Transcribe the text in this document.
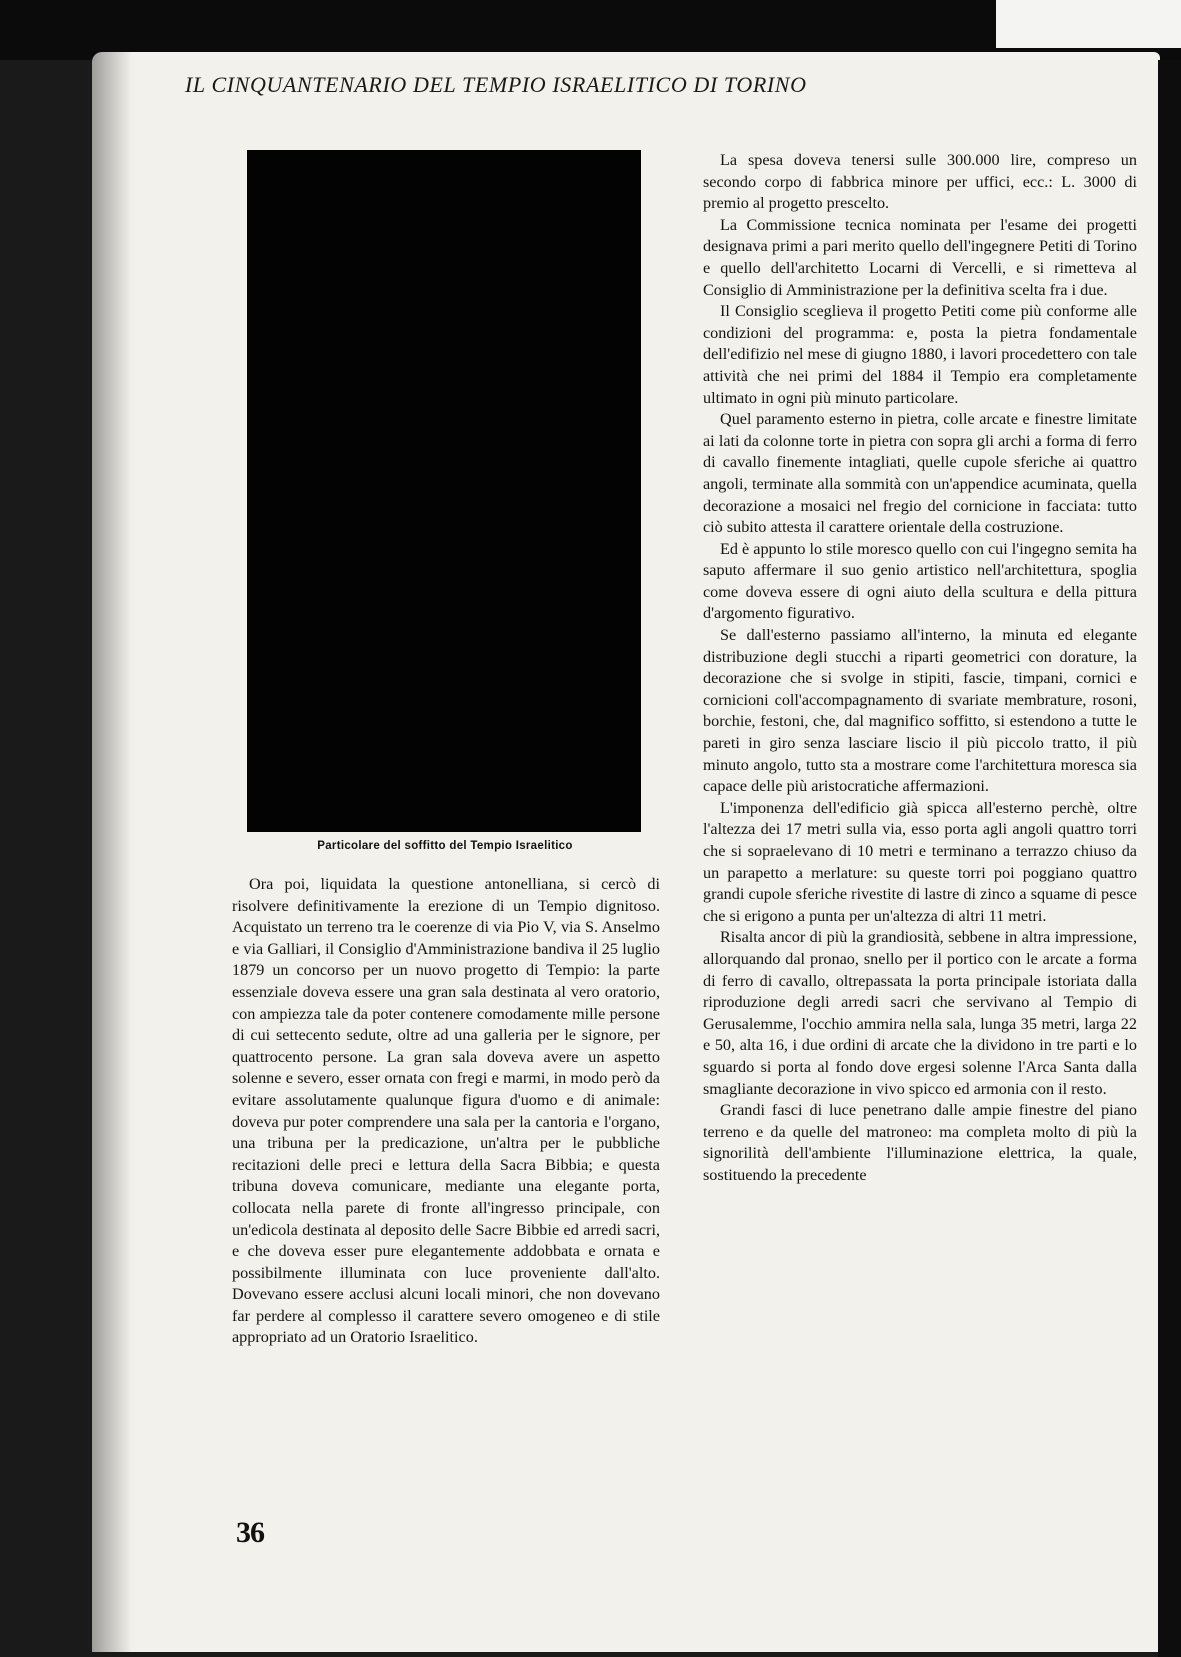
IL CINQUANTENARIO DEL TEMPIO ISRAELITICO DI TORINO
Particolare del soffitto del Tempio Israelitico

Ora poi, liquidata la questione antonelliana, si cercò di risolvere definitivamente la erezione di un Tempio dignitoso. Acquistato un terreno tra le coerenze di via Pio V, via S. Anselmo e via Galliari, il Consiglio d'Amministrazione bandiva il 25 luglio 1879 un concorso per un nuovo progetto di Tempio: la parte essenziale doveva essere una gran sala destinata al vero oratorio, con ampiezza tale da poter contenere comodamente mille persone di cui settecento sedute, oltre ad una galleria per le signore, per quattrocento persone. La gran sala doveva avere un aspetto solenne e severo, esser ornata con fregi e marmi, in modo però da evitare assolutamente qualunque figura d'uomo e di animale: doveva pur poter comprendere una sala per la cantoria e l'organo, una tribuna per la predicazione, un'altra per le pubbliche recitazioni delle preci e lettura della Sacra Bibbia; e questa tribuna doveva comunicare, mediante una elegante porta, collocata nella parete di fronte all'ingresso principale, con un'edicola destinata al deposito delle Sacre Bibbie ed arredi sacri, e che doveva esser pure elegantemente addobbata e ornata e possibilmente illuminata con luce proveniente dall'alto. Dovevano essere acclusi alcuni locali minori, che non dovevano far perdere al complesso il carattere severo omogeneo e di stile appropriato ad un Oratorio Israelitico.

La spesa doveva tenersi sulle 300.000 lire, compreso un secondo corpo di fabbrica minore per uffici, ecc.: L. 3000 di premio al progetto prescelto.

La Commissione tecnica nominata per l'esame dei progetti designava primi a pari merito quello dell'ingegnere Petiti di Torino e quello dell'architetto Locarni di Vercelli, e si rimetteva al Consiglio di Amministrazione per la definitiva scelta fra i due.

Il Consiglio sceglieva il progetto Petiti come più conforme alle condizioni del programma: e, posta la pietra fondamentale dell'edifizio nel mese di giugno 1880, i lavori procedettero con tale attività che nei primi del 1884 il Tempio era completamente ultimato in ogni più minuto particolare.

Quel paramento esterno in pietra, colle arcate e finestre limitate ai lati da colonne torte in pietra con sopra gli archi a forma di ferro di cavallo finemente intagliati, quelle cupole sferiche ai quattro angoli, terminate alla sommità con un'appendice acuminata, quella decorazione a mosaici nel fregio del cornicione in facciata: tutto ciò subito attesta il carattere orientale della costruzione.

Ed è appunto lo stile moresco quello con cui l'ingegno semita ha saputo affermare il suo genio artistico nell'architettura, spoglia come doveva essere di ogni aiuto della scultura e della pittura d'argomento figurativo.

Se dall'esterno passiamo all'interno, la minuta ed elegante distribuzione degli stucchi a riparti geometrici con dorature, la decorazione che si svolge in stipiti, fascie, timpani, cornici e cornicioni coll'accompagnamento di svariate membrature, rosoni, borchie, festoni, che, dal magnifico soffitto, si estendono a tutte le pareti in giro senza lasciare liscio il più piccolo tratto, il più minuto angolo, tutto sta a mostrare come l'architettura moresca sia capace delle più aristocratiche affermazioni.

L'imponenza dell'edificio già spicca all'esterno perchè, oltre l'altezza dei 17 metri sulla via, esso porta agli angoli quattro torri che si sopraelevano di 10 metri e terminano a terrazzo chiuso da un parapetto a merlature: su queste torri poi poggiano quattro grandi cupole sferiche rivestite di lastre di zinco a squame di pesce che si erigono a punta per un'altezza di altri 11 metri.

Risalta ancor di più la grandiosità, sebbene in altra impressione, allorquando dal pronao, snello per il portico con le arcate a forma di ferro di cavallo, oltrepassata la porta principale istoriata dalla riproduzione degli arredi sacri che servivano al Tempio di Gerusalemme, l'occhio ammira nella sala, lunga 35 metri, larga 22 e 50, alta 16, i due ordini di arcate che la dividono in tre parti e lo sguardo si porta al fondo dove ergesi solenne l'Arca Santa dalla smagliante decorazione in vivo spicco ed armonia con il resto.

Grandi fasci di luce penetrano dalle ampie finestre del piano terreno e da quelle del matroneo: ma completa molto di più la signorilità dell'ambiente l'illuminazione elettrica, la quale, sostituendo la precedente

36
